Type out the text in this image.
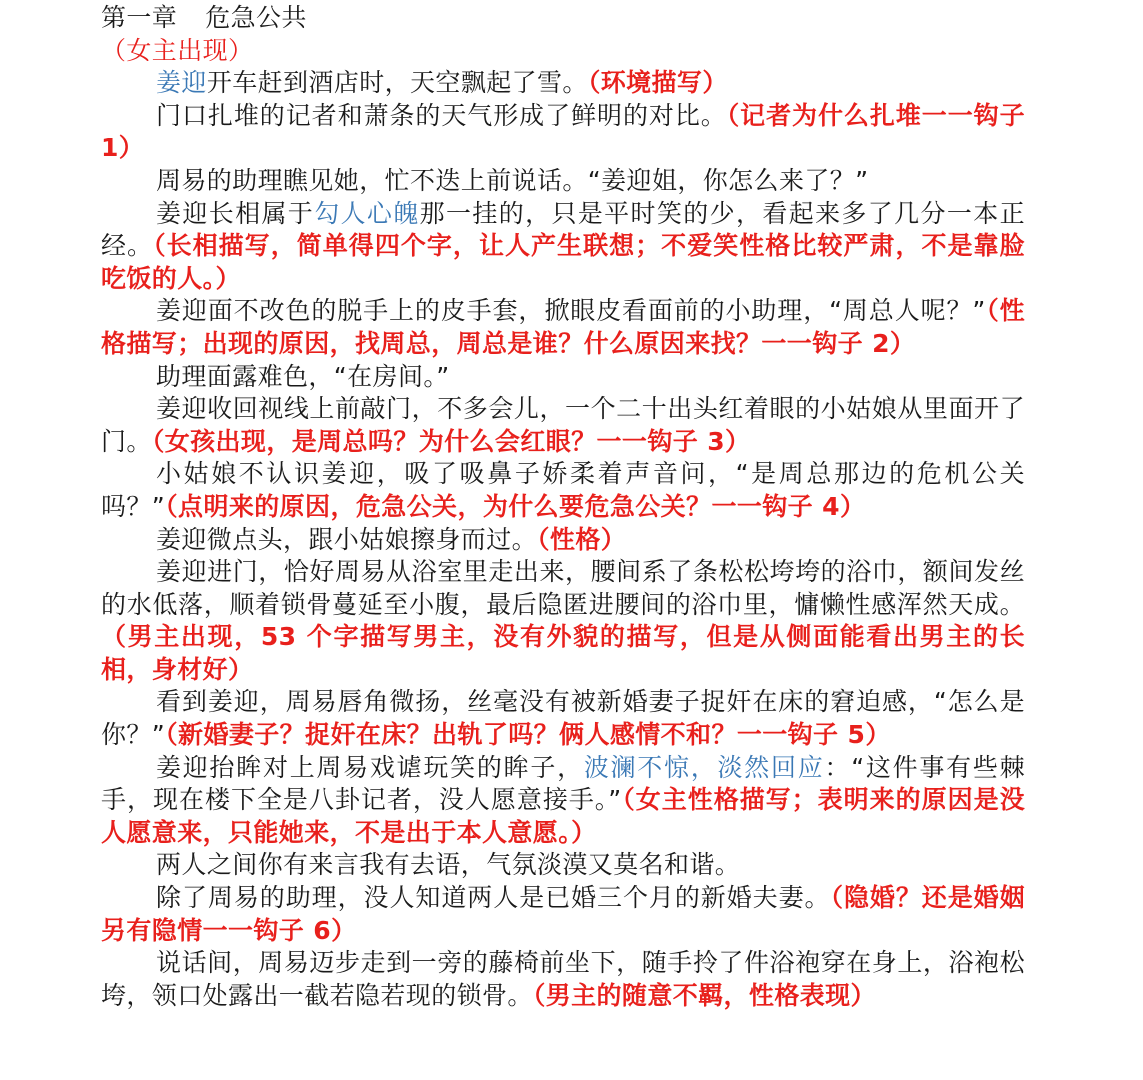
第一章 危急公共

（女主出现）

姜迎开车赶到酒店时，天空飘起了雪。（环境描写）

门口扎堆的记者和萧条的天气形成了鲜明的对比。（记者为什么扎堆一一钩子 1）

周易的助理瞧见她，忙不迭上前说话。“姜迎姐，你怎么来了？”

姜迎长相属于勾人心魄那一挂的，只是平时笑的少，看起来多了几分一本正经。（长相描写，简单得四个字，让人产生联想；不爱笑性格比较严肃，不是靠脸吃饭的人。）

姜迎面不改色的脱手上的皮手套，掀眼皮看面前的小助理，“周总人呢？”（性格描写；出现的原因，找周总，周总是谁？什么原因来找？一一钩子 2）

助理面露难色，“在房间。”

姜迎收回视线上前敲门，不多会儿，一个二十出头红着眼的小姑娘从里面开了门。（女孩出现，是周总吗？为什么会红眼？一一钩子 3）

小姑娘不认识姜迎，吸了吸鼻子娇柔着声音问，“是周总那边的危机公关吗？”（点明来的原因，危急公关，为什么要危急公关？一一钩子 4）

姜迎微点头，跟小姑娘擦身而过。（性格）

姜迎进门，恰好周易从浴室里走出来，腰间系了条松松垮垮的浴巾，额间发丝的水低落，顺着锁骨蔓延至小腹，最后隐匿进腰间的浴巾里，慵懒性感浑然天成。（男主出现，53 个字描写男主，没有外貌的描写，但是从侧面能看出男主的长相，身材好）

看到姜迎，周易唇角微扬，丝毫没有被新婚妻子捉奸在床的窘迫感，“怎么是你？”（新婚妻子？捉奸在床？出轨了吗？俩人感情不和？一一钩子 5）

姜迎抬眸对上周易戏谑玩笑的眸子，波澜不惊，淡然回应：“这件事有些棘手，现在楼下全是八卦记者，没人愿意接手。”（女主性格描写；表明来的原因是没人愿意来，只能她来，不是出于本人意愿。）

两人之间你有来言我有去语，气氛淡漠又莫名和谐。

除了周易的助理，没人知道两人是已婚三个月的新婚夫妻。（隐婚？还是婚姻另有隐情一一钩子 6）

说话间，周易迈步走到一旁的藤椅前坐下，随手拎了件浴袍穿在身上，浴袍松垮，领口处露出一截若隐若现的锁骨。（男主的随意不羁，性格表现）
